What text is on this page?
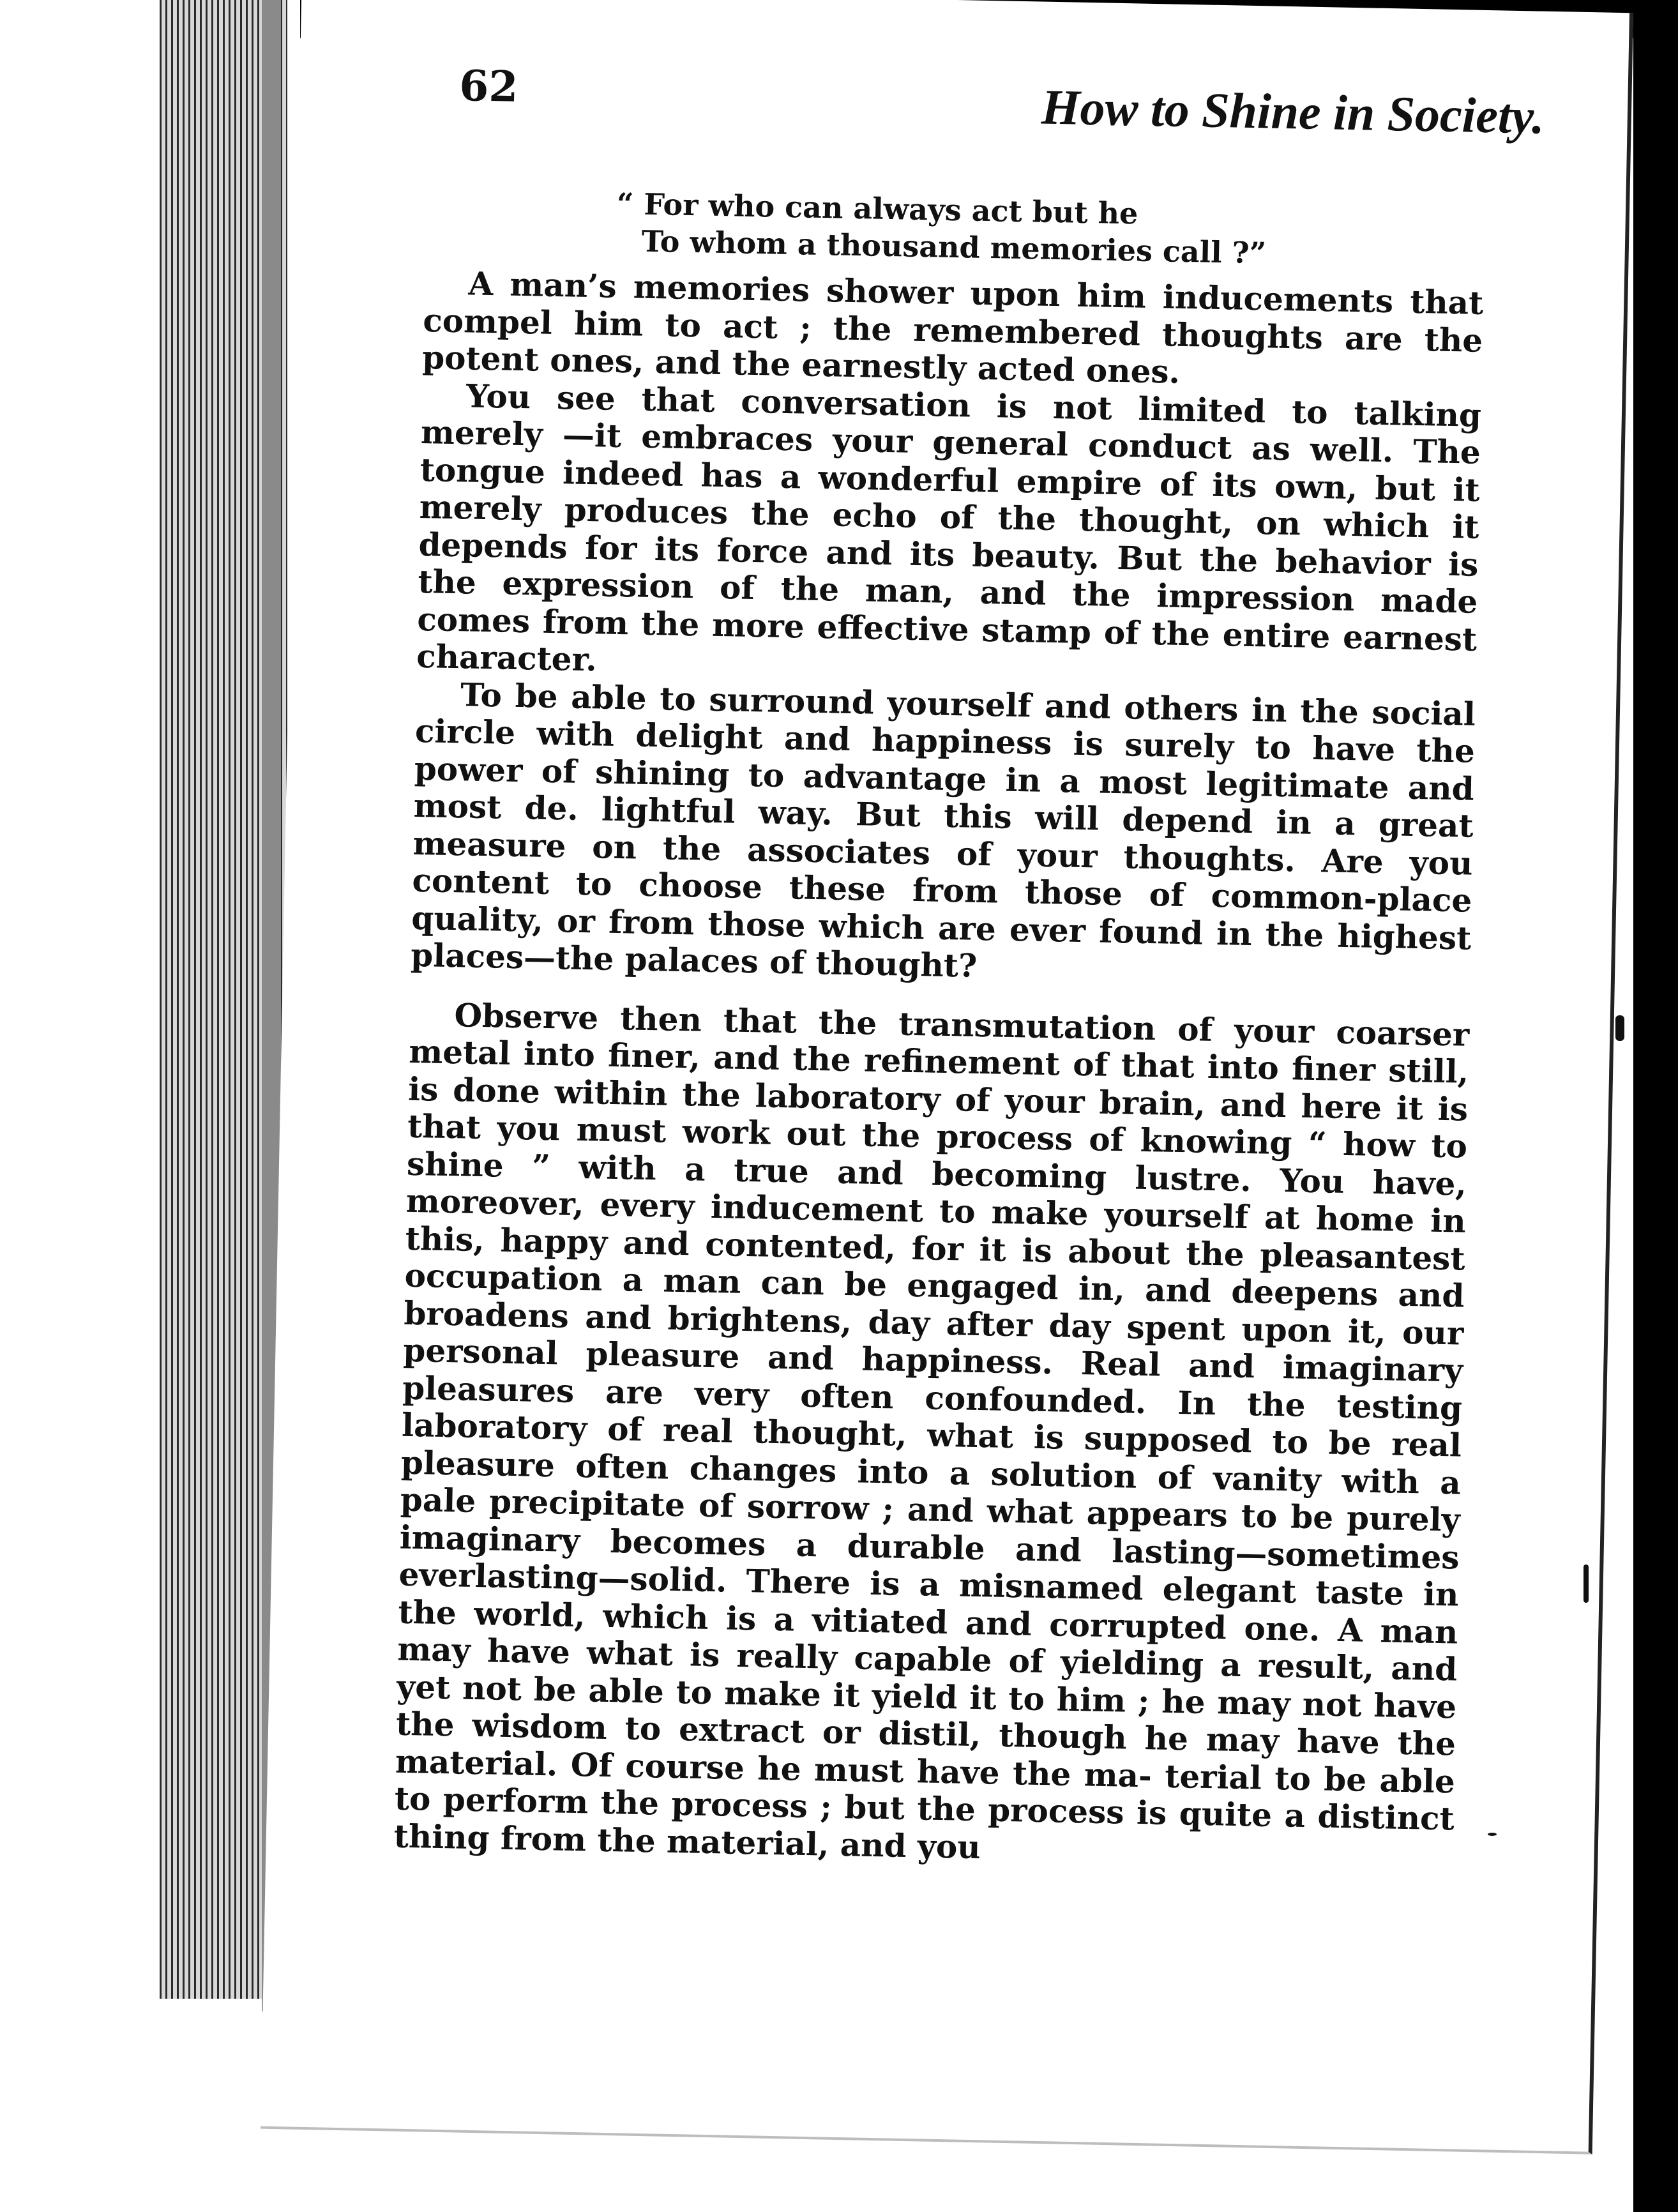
62	How to Shine in Society.
“ For who can always act but he
To whom a thousand memories call ?”

A man’s memories shower upon him inducements that compel him to act ; the remembered thoughts are the potent ones, and the earnestly acted ones.

You see that conversation is not limited to talking merely —it embraces your general conduct as well. The tongue indeed has a wonderful empire of its own, but it merely produces the echo of the thought, on which it depends for its force and its beauty. But the behavior is the expression of the man, and the impression made comes from the more effective stamp of the entire earnest character.

To be able to surround yourself and others in the social circle with delight and happiness is surely to have the power of shining to advantage in a most legitimate and most de. lightful way. But this will depend in a great measure on the associates of your thoughts. Are you content to choose these from those of common-place quality, or from those which are ever found in the highest places—the palaces of thought?

Observe then that the transmutation of your coarser metal into finer, and the refinement of that into finer still, is done within the laboratory of your brain, and here it is that you must work out the process of knowing “ how to shine ” with a true and becoming lustre. You have, moreover, every inducement to make yourself at home in this, happy and contented, for it is about the pleasantest occupation a man can be engaged in, and deepens and broadens and brightens, day after day spent upon it, our personal pleasure and happiness. Real and imaginary pleasures are very often confounded. In the testing laboratory of real thought, what is supposed to be real pleasure often changes into a solution of vanity with a pale precipitate of sorrow ; and what appears to be purely imaginary becomes a durable and lasting—sometimes everlasting—solid. There is a misnamed elegant taste in the world, which is a vitiated and corrupted one. A man may have what is really capable of yielding a result, and yet not be able to make it yield it to him ; he may not have the wisdom to extract or distil, though he may have the material. Of course he must have the ma- terial to be able to perform the process ; but the process is quite a distinct thing from the material, and you
